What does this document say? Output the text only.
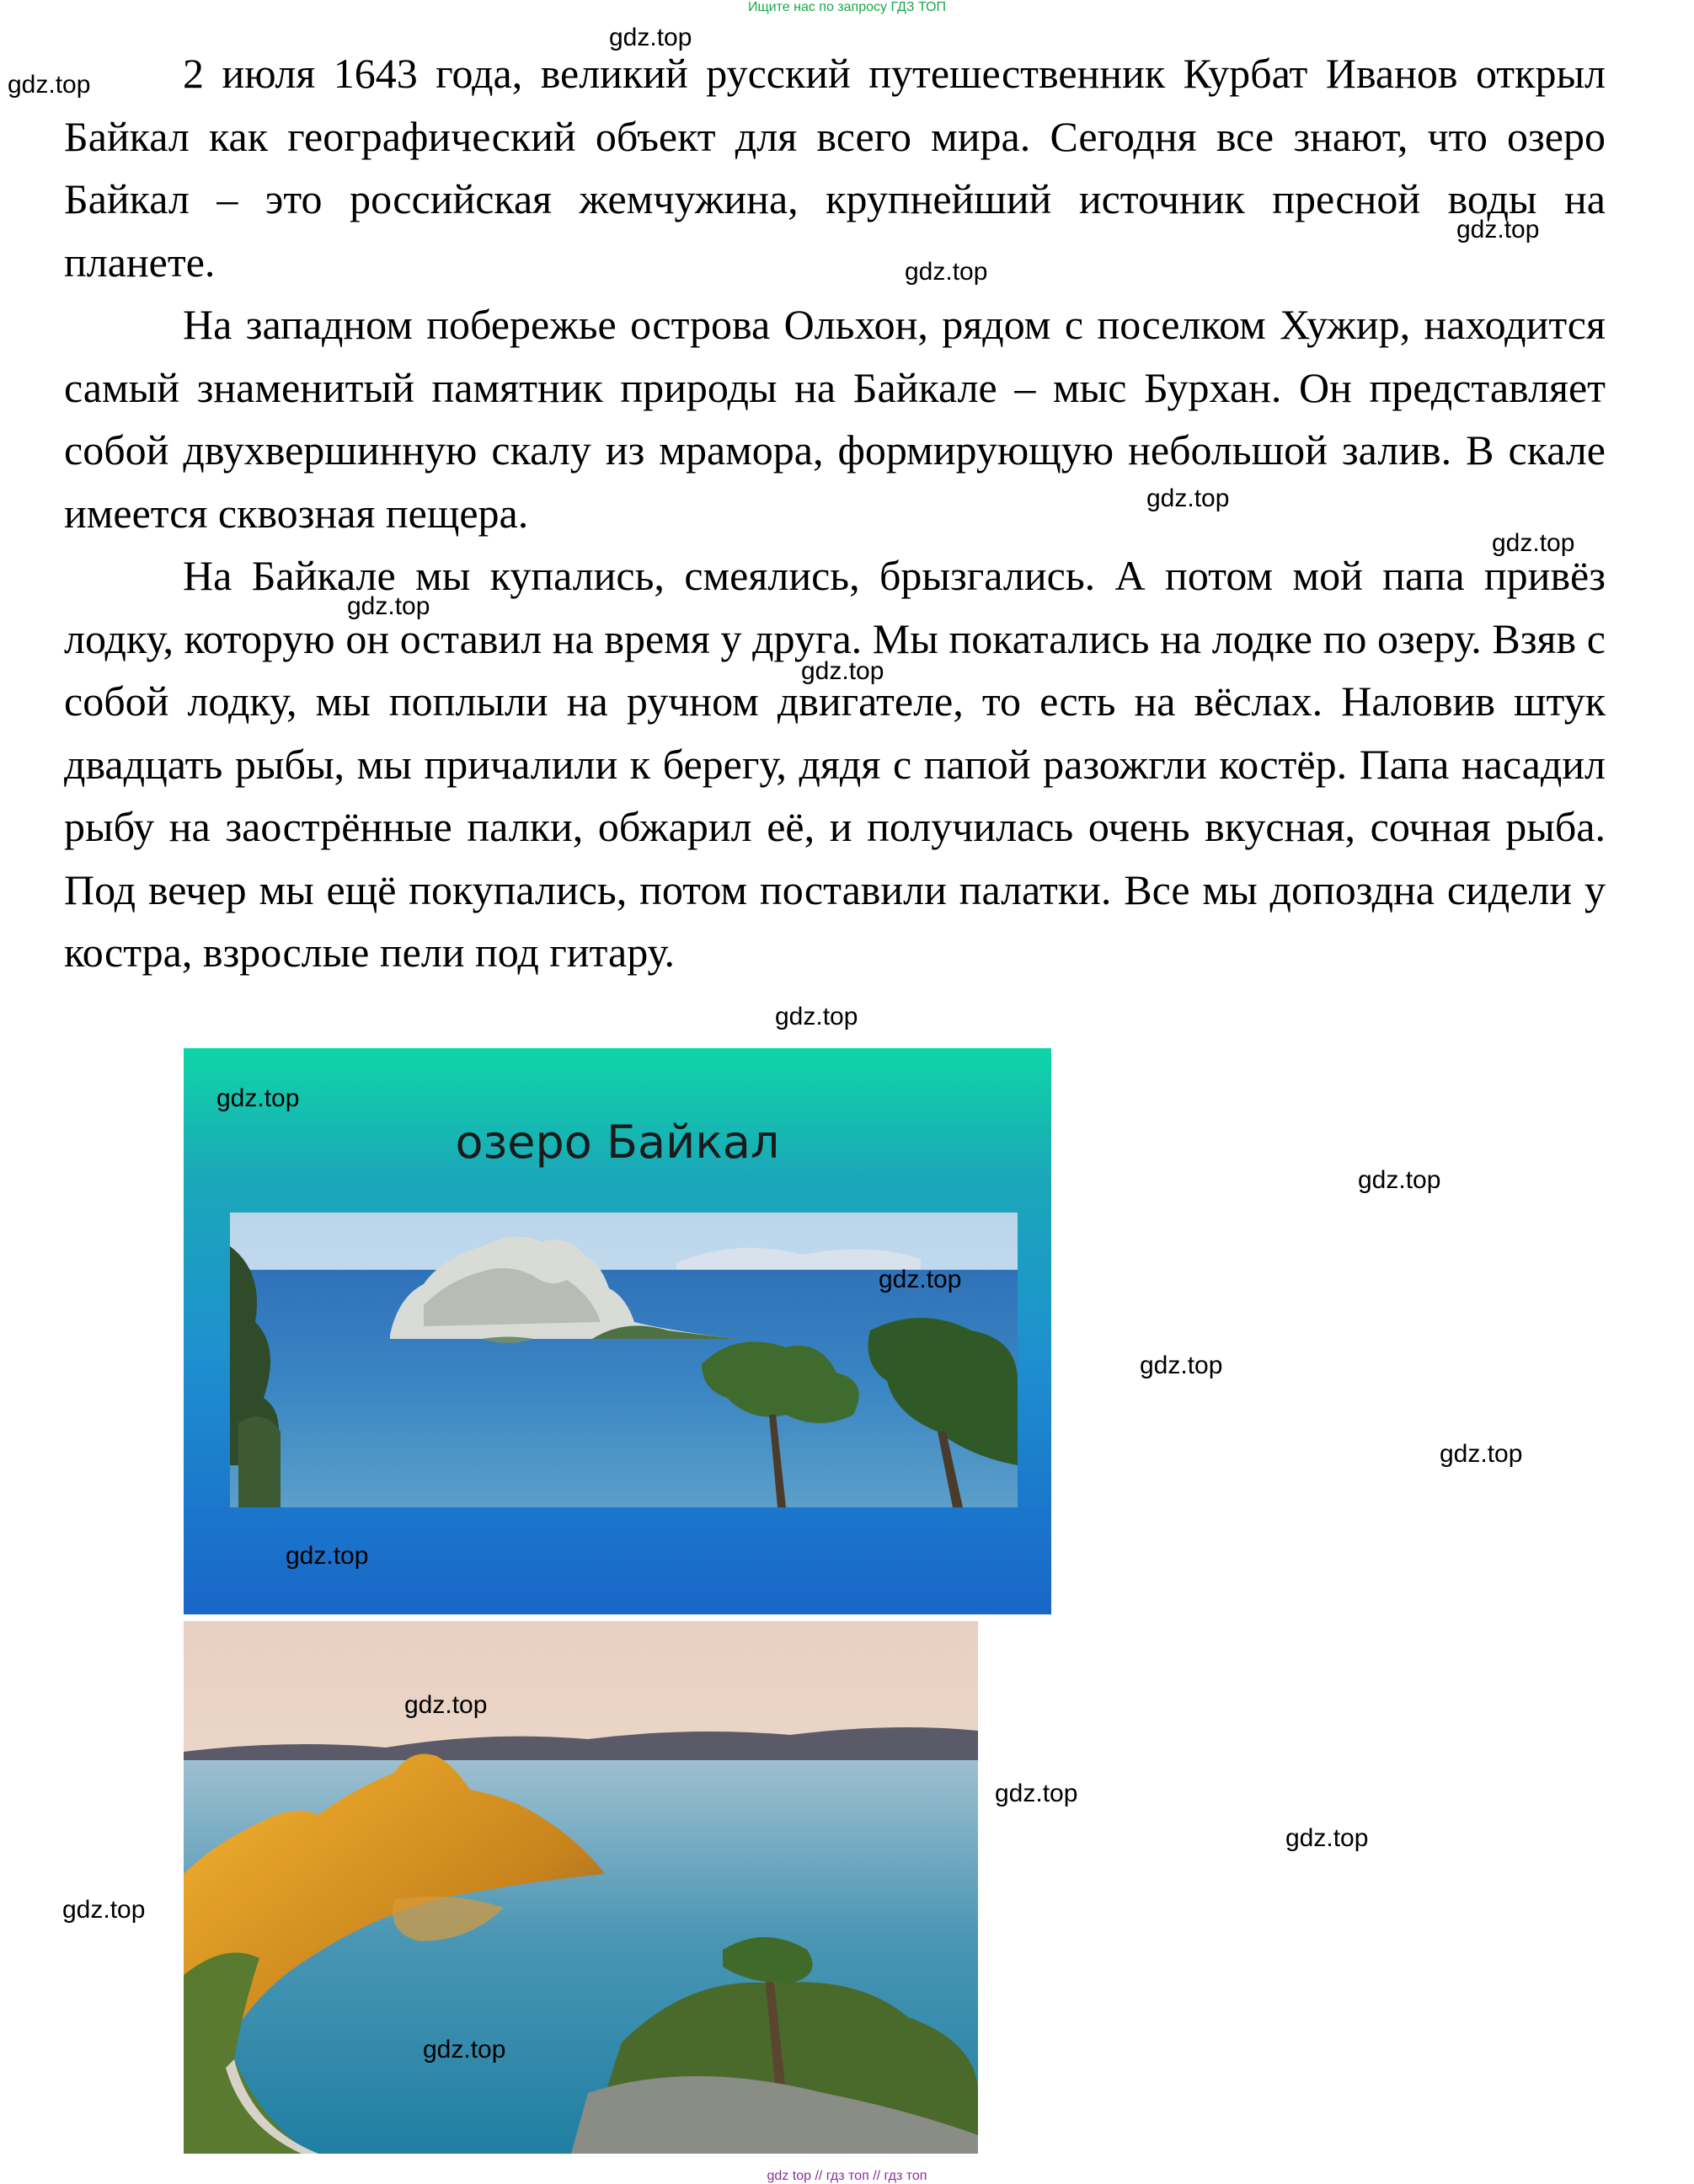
Ищите нас по запросу ГДЗ ТОП

2 июля 1643 года, великий русский путешественник Курбат Иванов открыл Байкал как географический объект для всего мира. Сегодня все знают, что озеро Байкал – это российская жемчужина, крупнейший источник пресной воды на планете.

На западном побережье острова Ольхон, рядом с поселком Хужир, находится самый знаменитый памятник природы на Байкале – мыс Бурхан. Он представляет собой двухвершинную скалу из мрамора, формирующую небольшой залив. В скале имеется сквозная пещера.

На Байкале мы купались, смеялись, брызгались. А потом мой папа привёз лодку, которую он оставил на время у друга. Мы покатались на лодке по озеру. Взяв с собой лодку, мы поплыли на ручном двигателе, то есть на вёслах. Наловив штук двадцать рыбы, мы причалили к берегу, дядя с папой разожгли костёр. Папа насадил рыбу на заострённые палки, обжарил её, и получилась очень вкусная, сочная рыба. Под вечер мы ещё покупались, потом поставили палатки. Все мы допоздна сидели у костра, взрослые пели под гитару.

озеро Байкал
gdz.top
gdz.top
gdz.top
gdz.top
gdz.top
gdz.top
gdz.top
gdz.top
gdz.top
gdz.top
gdz.top
gdz.top
gdz.top
gdz.top
gdz.top
gdz.top
gdz.top
gdz.top
gdz.top
gdz.top
gdz top // гдз топ // гдз топ
